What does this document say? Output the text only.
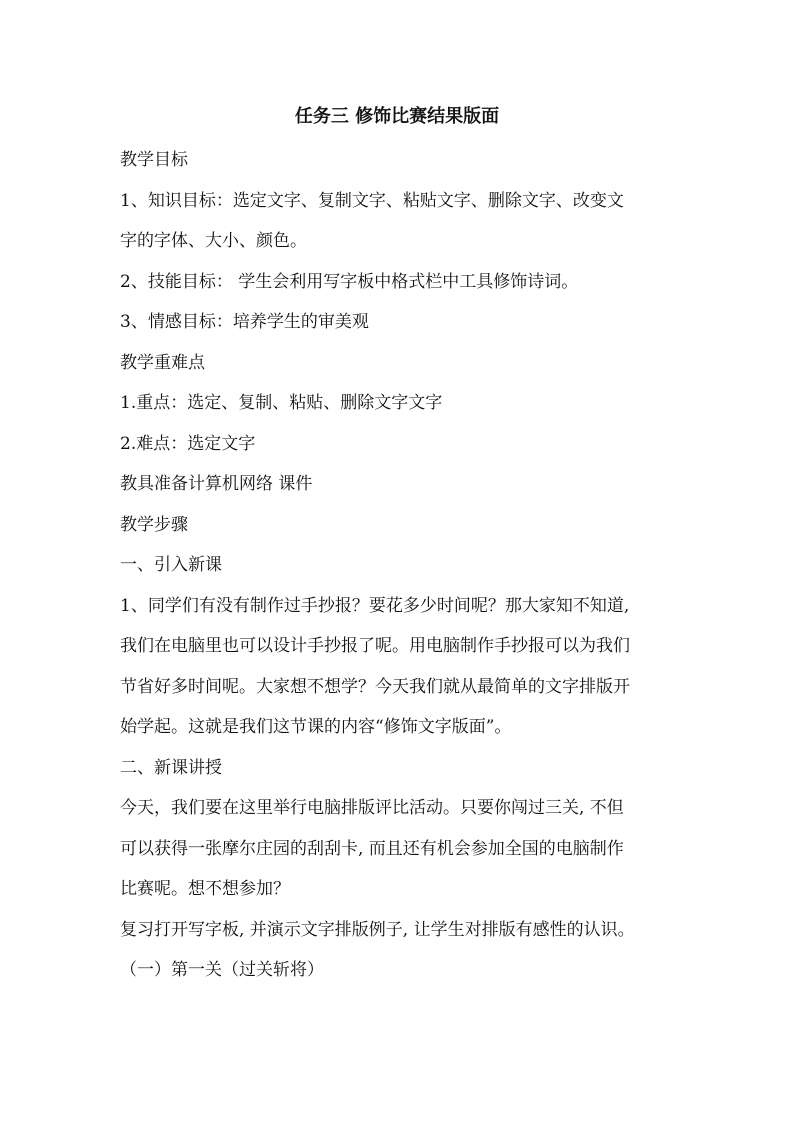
任务三 修饰比赛结果版面

教学目标

1、知识目标：选定文字、复制文字、粘贴文字、删除文字、改变文

字的字体、大小、颜色。

2、技能目标： 学生会利用写字板中格式栏中工具修饰诗词。

3、情感目标：培养学生的审美观

教学重难点

1.重点：选定、复制、粘贴、删除文字文字

2.难点：选定文字

教具准备计算机网络 课件

教学步骤

一、引入新课

1、同学们有没有制作过手抄报？要花多少时间呢？那大家知不知道,

我们在电脑里也可以设计手抄报了呢。用电脑制作手抄报可以为我们

节省好多时间呢。大家想不想学？今天我们就从最简单的文字排版开

始学起。这就是我们这节课的内容“修饰文字版面”。

二、新课讲授

今天，我们要在这里举行电脑排版评比活动。只要你闯过三关, 不但

可以获得一张摩尔庄园的刮刮卡, 而且还有机会参加全国的电脑制作

比赛呢。想不想参加？

复习打开写字板, 并演示文字排版例子, 让学生对排版有感性的认识。

（一）第一关（过关斩将）
